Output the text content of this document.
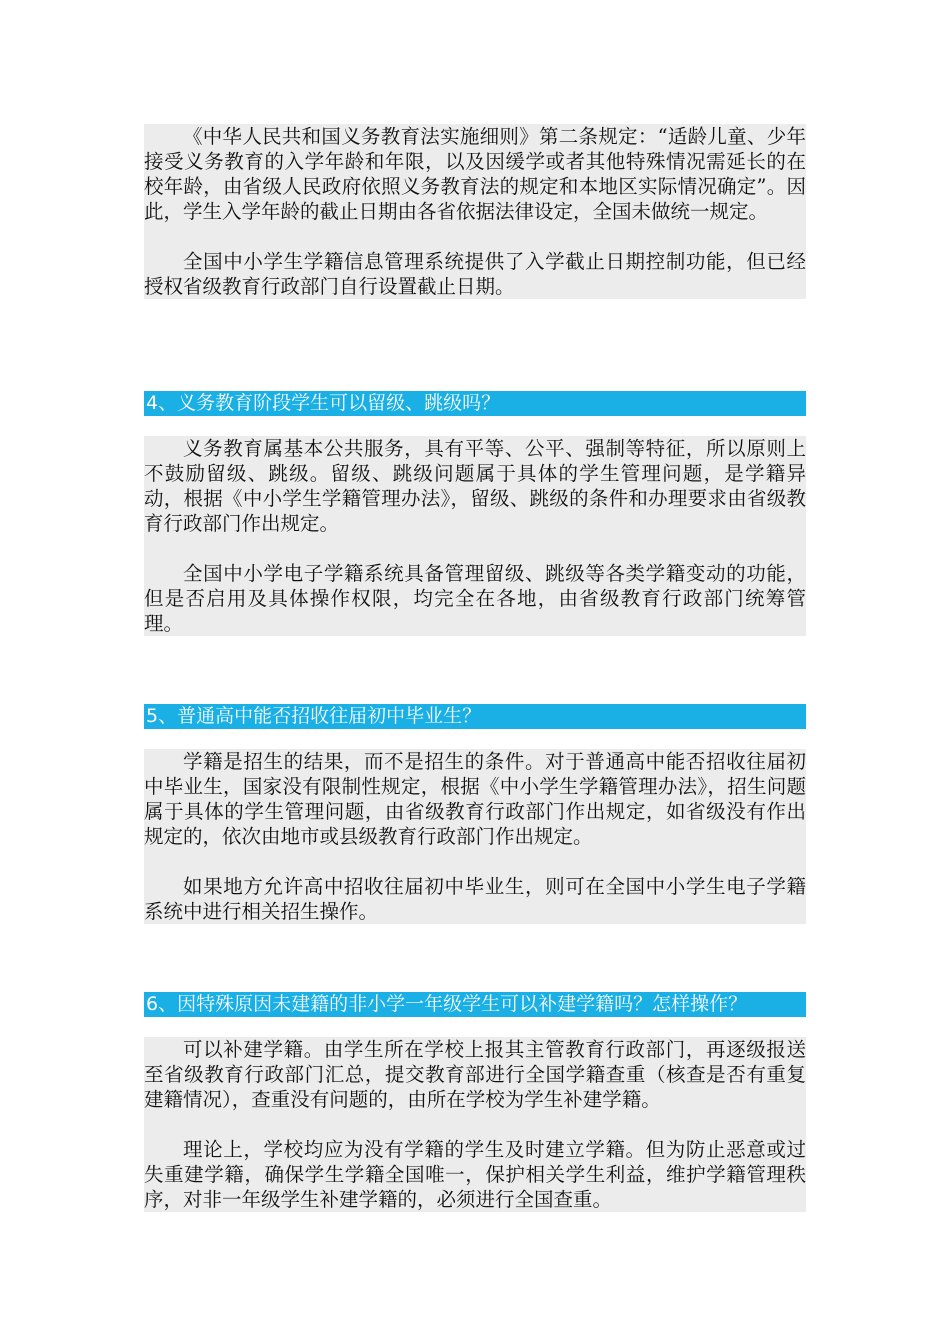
《中华人民共和国义务教育法实施细则》第二条规定：“适龄儿童、少年接受义务教育的入学年龄和年限，以及因缓学或者其他特殊情况需延长的在校年龄，由省级人民政府依照义务教育法的规定和本地区实际情况确定”。因此，学生入学年龄的截止日期由各省依据法律设定，全国未做统一规定。

全国中小学生学籍信息管理系统提供了入学截止日期控制功能，但已经授权省级教育行政部门自行设置截止日期。

4、义务教育阶段学生可以留级、跳级吗？

义务教育属基本公共服务，具有平等、公平、强制等特征，所以原则上不鼓励留级、跳级。留级、跳级问题属于具体的学生管理问题，是学籍异动，根据《中小学生学籍管理办法》，留级、跳级的条件和办理要求由省级教育行政部门作出规定。

全国中小学电子学籍系统具备管理留级、跳级等各类学籍变动的功能，但是否启用及具体操作权限，均完全在各地，由省级教育行政部门统筹管理。

5、普通高中能否招收往届初中毕业生？

学籍是招生的结果，而不是招生的条件。对于普通高中能否招收往届初中毕业生，国家没有限制性规定，根据《中小学生学籍管理办法》，招生问题属于具体的学生管理问题，由省级教育行政部门作出规定，如省级没有作出规定的，依次由地市或县级教育行政部门作出规定。

如果地方允许高中招收往届初中毕业生，则可在全国中小学生电子学籍系统中进行相关招生操作。

6、因特殊原因未建籍的非小学一年级学生可以补建学籍吗？怎样操作？

可以补建学籍。由学生所在学校上报其主管教育行政部门，再逐级报送至省级教育行政部门汇总，提交教育部进行全国学籍查重（核查是否有重复建籍情况），查重没有问题的，由所在学校为学生补建学籍。

理论上，学校均应为没有学籍的学生及时建立学籍。但为防止恶意或过失重建学籍，确保学生学籍全国唯一，保护相关学生利益，维护学籍管理秩序，对非一年级学生补建学籍的，必须进行全国查重。
